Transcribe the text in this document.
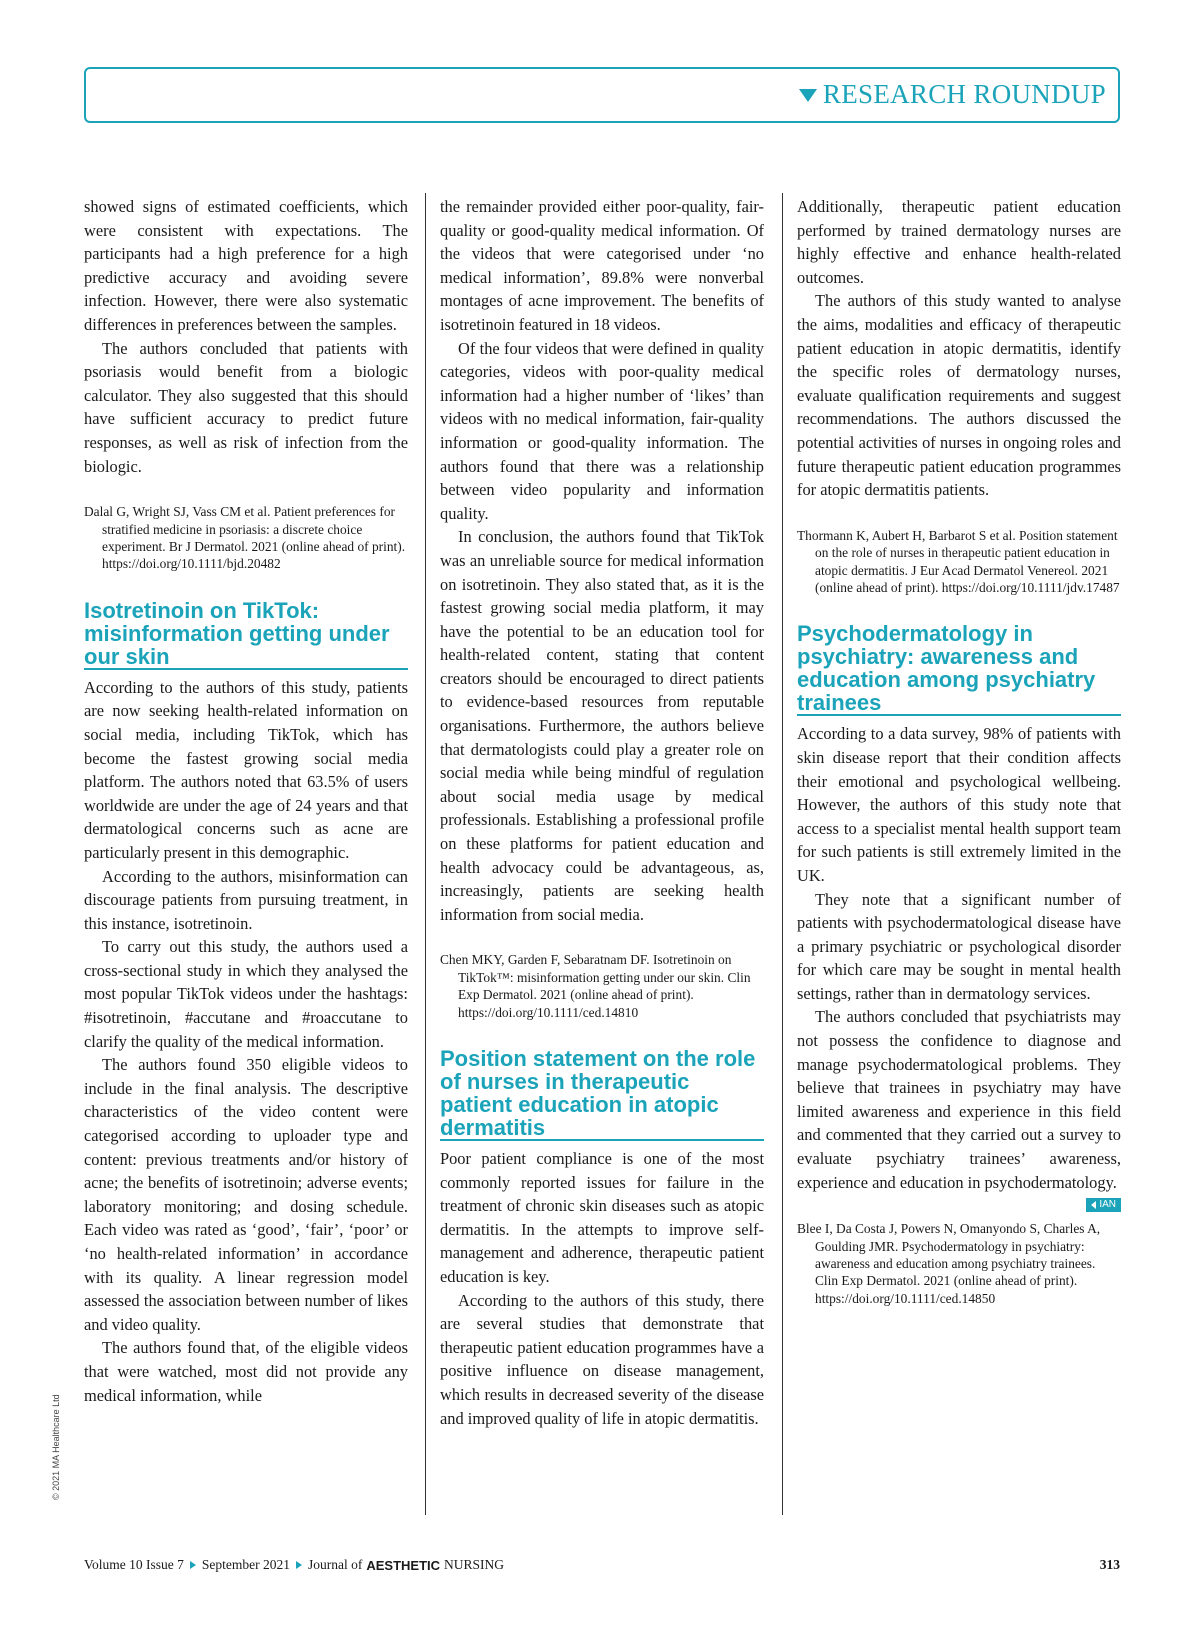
RESEARCH ROUNDUP
© 2021 MA Healthcare Ltd

showed signs of estimated coefficients, which were consistent with expectations. The participants had a high preference for a high predictive accuracy and avoiding severe infection. However, there were also systematic differences in preferences between the samples.

The authors concluded that patients with psoriasis would benefit from a biologic calculator. They also suggested that this should have sufficient accuracy to predict future responses, as well as risk of infection from the biologic.

Dalal G, Wright SJ, Vass CM et al. Patient preferences for stratified medicine in psoriasis: a discrete choice experiment. Br J Dermatol. 2021 (online ahead of print). https://doi.org/10.1111/bjd.20482
Isotretinoin on TikTok: misinformation getting under our skin

According to the authors of this study, patients are now seeking health-related information on social media, including TikTok, which has become the fastest growing social media platform. The authors noted that 63.5% of users worldwide are under the age of 24 years and that dermatological concerns such as acne are particularly present in this demographic.

According to the authors, misinformation can discourage patients from pursuing treatment, in this instance, isotretinoin.

To carry out this study, the authors used a cross-sectional study in which they analysed the most popular TikTok videos under the hashtags: #isotretinoin, #accutane and #roaccutane to clarify the quality of the medical information.

The authors found 350 eligible videos to include in the final analysis. The descriptive characteristics of the video content were categorised according to uploader type and content: previous treatments and/or history of acne; the benefits of isotretinoin; adverse events; laboratory monitoring; and dosing schedule. Each video was rated as ‘good’, ‘fair’, ‘poor’ or ‘no health-related information’ in accordance with its quality. A linear regression model assessed the association between number of likes and video quality.

The authors found that, of the eligible videos that were watched, most did not provide any medical information, while

the remainder provided either poor-quality, fair-quality or good-quality medical information. Of the videos that were categorised under ‘no medical information’, 89.8% were nonverbal montages of acne improvement. The benefits of isotretinoin featured in 18 videos.

Of the four videos that were defined in quality categories, videos with poor-quality medical information had a higher number of ‘likes’ than videos with no medical information, fair-quality information or good-quality information. The authors found that there was a relationship between video popularity and information quality.

In conclusion, the authors found that TikTok was an unreliable source for medical information on isotretinoin. They also stated that, as it is the fastest growing social media platform, it may have the potential to be an education tool for health-related content, stating that content creators should be encouraged to direct patients to evidence-based resources from reputable organisations. Furthermore, the authors believe that dermatologists could play a greater role on social media while being mindful of regulation about social media usage by medical professionals. Establishing a professional profile on these platforms for patient education and health advocacy could be advantageous, as, increasingly, patients are seeking health information from social media.

Chen MKY, Garden F, Sebaratnam DF. Isotretinoin on TikTok™: misinformation getting under our skin. Clin Exp Dermatol. 2021 (online ahead of print). https://doi.org/10.1111/ced.14810
Position statement on the role of nurses in therapeutic patient education in atopic dermatitis

Poor patient compliance is one of the most commonly reported issues for failure in the treatment of chronic skin diseases such as atopic dermatitis. In the attempts to improve self-management and adherence, therapeutic patient education is key.

According to the authors of this study, there are several studies that demonstrate that therapeutic patient education programmes have a positive influence on disease management, which results in decreased severity of the disease and improved quality of life in atopic dermatitis.

Additionally, therapeutic patient education performed by trained dermatology nurses are highly effective and enhance health-related outcomes.

The authors of this study wanted to analyse the aims, modalities and efficacy of therapeutic patient education in atopic dermatitis, identify the specific roles of dermatology nurses, evaluate qualification requirements and suggest recommendations. The authors discussed the potential activities of nurses in ongoing roles and future therapeutic patient education programmes for atopic dermatitis patients.

Thormann K, Aubert H, Barbarot S et al. Position statement on the role of nurses in therapeutic patient education in atopic dermatitis. J Eur Acad Dermatol Venereol. 2021 (online ahead of print). https://doi.org/10.1111/jdv.17487
Psychodermatology in psychiatry: awareness and education among psychiatry trainees

According to a data survey, 98% of patients with skin disease report that their condition affects their emotional and psychological wellbeing. However, the authors of this study note that access to a specialist mental health support team for such patients is still extremely limited in the UK.

They note that a significant number of patients with psychodermatological disease have a primary psychiatric or psychological disorder for which care may be sought in mental health settings, rather than in dermatology services.

The authors concluded that psychiatrists may not possess the confidence to diagnose and manage psychodermatological problems. They believe that trainees in psychiatry may have limited awareness and experience in this field and commented that they carried out a survey to evaluate psychiatry trainees’ awareness, experience and education in psychodermatology.

IAN
Blee I, Da Costa J, Powers N, Omanyondo S, Charles A, Goulding JMR. Psychodermatology in psychiatry: awareness and education among psychiatry trainees. Clin Exp Dermatol. 2021 (online ahead of print). https://doi.org/10.1111/ced.14850
Volume 10 Issue 7 September 2021 Journal of AESTHETIC NURSING	313
